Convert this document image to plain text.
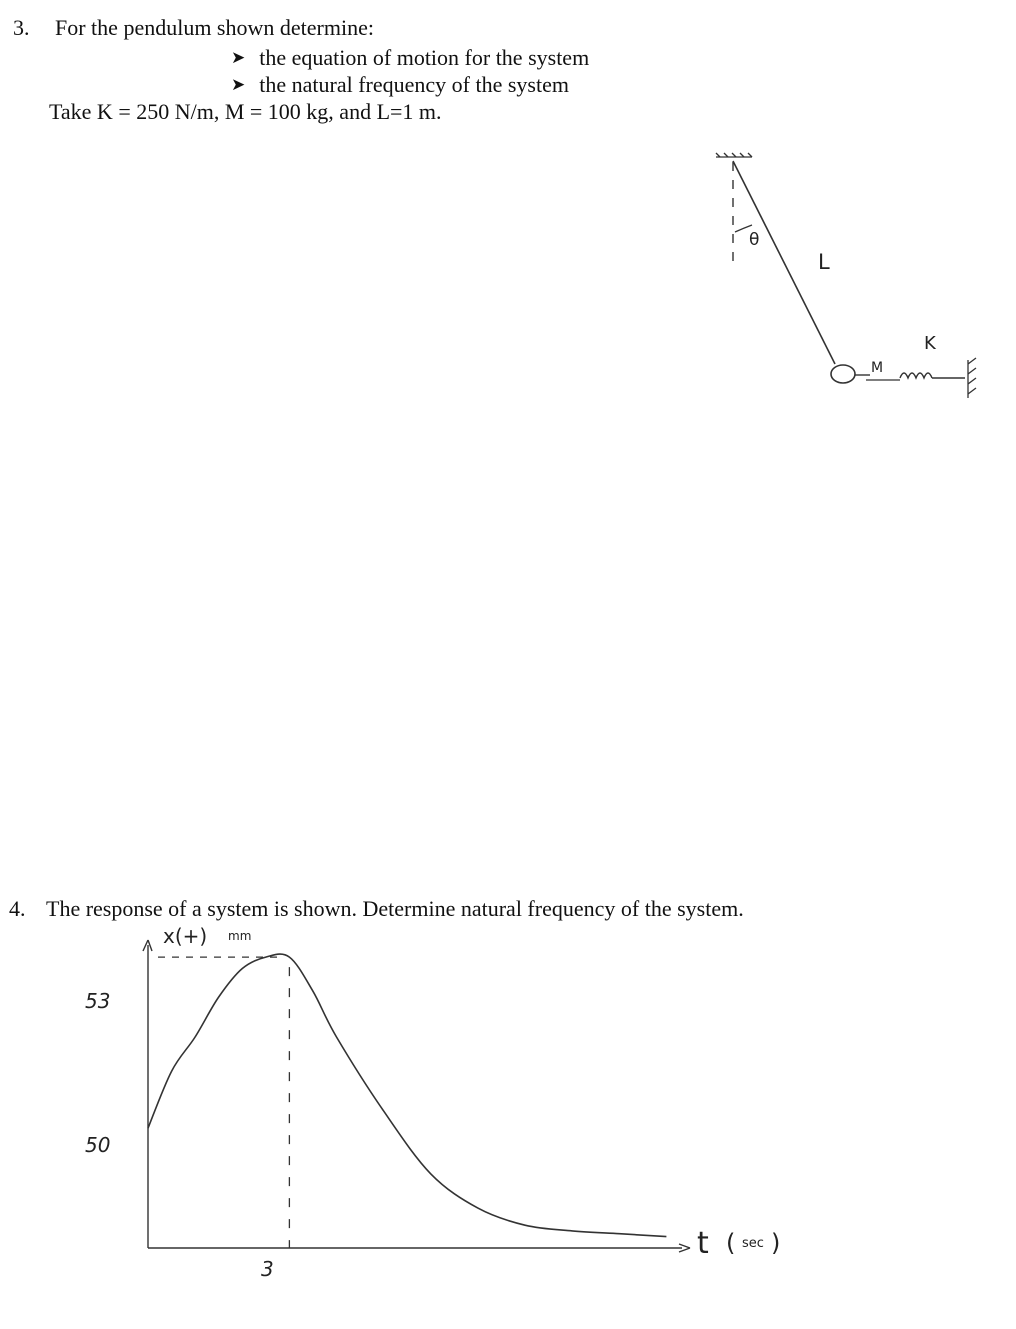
3. For the pendulum shown determine:
➤ the equation of motion for the system
➤ the natural frequency of the system
Take K = 250 N/m, M = 100 kg, and L=1 m.
θ
L
M
K
4. The response of a system is shown. Determine natural frequency of the system.
x(+) mm
t ( sec )
53
50
3
